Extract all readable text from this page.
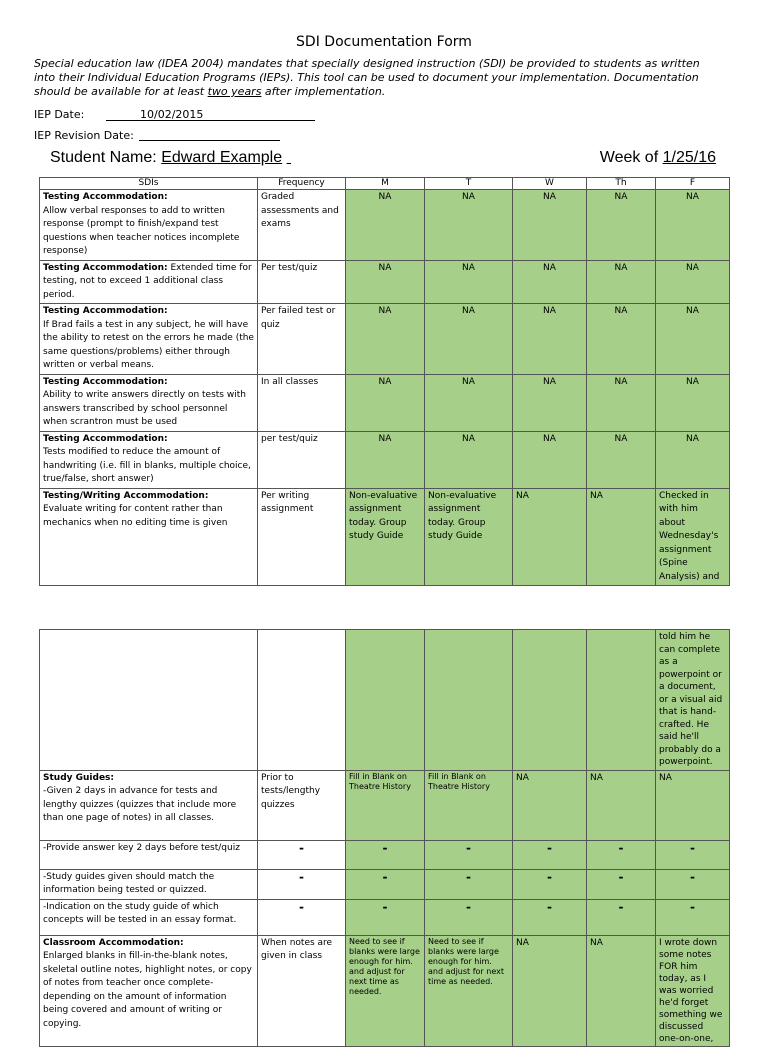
SDI Documentation Form
Special education law (IDEA 2004) mandates that specially designed instruction (SDI) be provided to students as written into their Individual Education Programs (IEPs). This tool can be used to document your implementation. Documentation should be available for at least two years after implementation.
IEP Date:	10/02/2015
IEP Revision Date:
Student Name: Edward Example	Week of 1/25/16
SDIs	Frequency	M	T	W	Th	F
Testing Accommodation:
Allow verbal responses to add to written response (prompt to finish/expand test questions when teacher notices incomplete response)	Graded assessments and exams	NA	NA	NA	NA	NA
Testing Accommodation: Extended time for testing, not to exceed 1 additional class period.	Per test/quiz	NA	NA	NA	NA	NA
Testing Accommodation:
If Brad fails a test in any subject, he will have the ability to retest on the errors he made (the same questions/problems) either through written or verbal means.	Per failed test or quiz	NA	NA	NA	NA	NA
Testing Accommodation:
Ability to write answers directly on tests with answers transcribed by school personnel when scrantron must be used	In all classes	NA	NA	NA	NA	NA
Testing Accommodation:
Tests modified to reduce the amount of handwriting (i.e. fill in blanks, multiple choice, true/false, short answer)	per test/quiz	NA	NA	NA	NA	NA
Testing/Writing Accommodation:
Evaluate writing for content rather than mechanics when no editing time is given	Per writing assignment	Non-evaluative assignment today. Group study Guide	Non-evaluative assignment today. Group study Guide	NA	NA	Checked in with him about Wednesday's assignment (Spine Analysis) and
						told him he can complete as a powerpoint or a document, or a visual aid that is hand-crafted. He said he'll probably do a powerpoint.
Study Guides:
-Given 2 days in advance for tests and lengthy quizzes (quizzes that include more than one page of notes) in all classes.	Prior to tests/lengthy quizzes	Fill in Blank on Theatre History	Fill in Blank on Theatre History	NA	NA	NA
-Provide answer key 2 days before test/quiz	-	-	-	-	-	-
-Study guides given should match the information being tested or quizzed.	-	-	-	-	-	-
-Indication on the study guide of which concepts will be tested in an essay format.	-	-	-	-	-	-
Classroom Accommodation:
Enlarged blanks in fill-in-the-blank notes, skeletal outline notes, highlight notes, or copy of notes from teacher once complete- depending on the amount of information being covered and amount of writing or copying.	When notes are given in class	Need to see if blanks were large enough for him. and adjust for next time as needed.	Need to see if blanks were large enough for him. and adjust for next time as needed.	NA	NA	I wrote down some notes FOR him today, as I was worried he'd forget something we discussed one-on-one,
